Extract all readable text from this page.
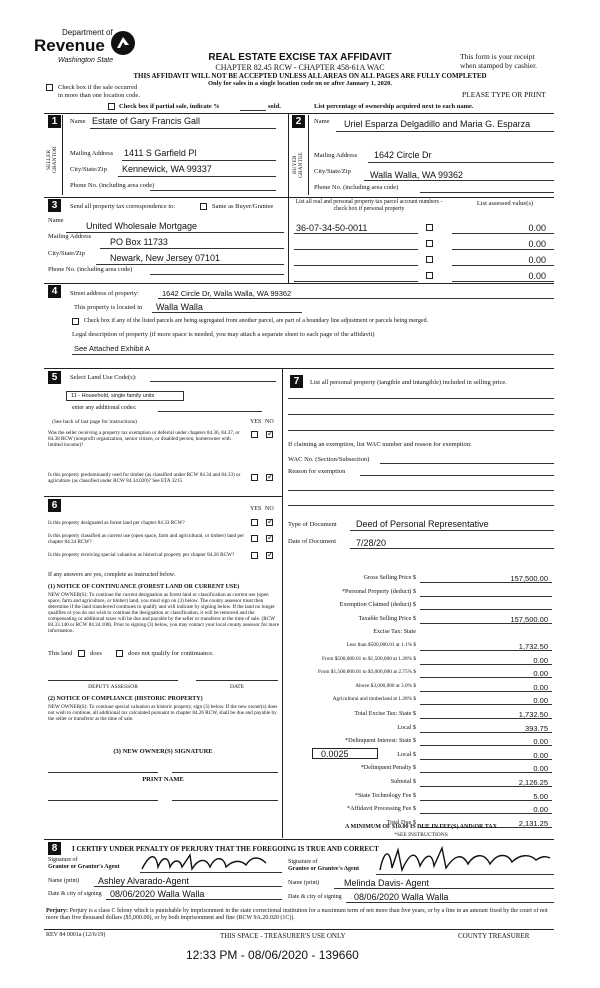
Department of
Revenue
Washington State	REAL ESTATE EXCISE TAX AFFIDAVIT
CHAPTER 82.45 RCW - CHAPTER 458-61A WAC
THIS AFFIDAVIT WILL NOT BE ACCEPTED UNLESS ALL AREAS ON ALL PAGES ARE FULLY COMPLETED
Only for sales in a single location code on or after January 1, 2020.
This form is your receipt
when stamped by cashier.
PLEASE TYPE OR PRINT
Check box if the sale occurred
in more than one location code.
Check box if partial sale, indicate %	sold.	List percentage of ownership acquired next to each name.
1	Name Estate of Gary Francis Gall
SELLER GRANTOR	Mailing Address 1411 S Garfield Pl
City/State/Zip Kennewick, WA 99337
Phone No. (including area code)
2	Name Uriel Esparza Delgadillo and Maria G. Esparza
BUYER GRANTEE	Mailing Address 1642 Circle Dr
City/State/Zip Walla Walla, WA 99362
Phone No. (including area code)
3	Send all property tax correspondence to:	Same as Buyer/Grantee
List all real and personal property tax parcel account numbers - check box if personal property
List assessed value(s)
Name
United Wholesale Mortgage
Mailing Address
PO Box 11733
City/State/Zip	Newark, New Jersey 07101
Phone No. (including area code)
36-07-34-50-0011	0.00
0.00
0.00
0.00
4	Street address of property:	1642 Circle Dr, Walla Walla, WA 99362
This property is located in Walla Walla
Check box if any of the listed parcels are being segregated from another parcel, are part of a boundary line adjustment or parcels being merged.
Legal description of property (if more space is needed, you may attach a separate sheet to each page of the affidavit)
See Attached Exhibit A
5	Select Land Use Code(s):
11 - Household, single family units
enter any additional codes:
(See back of last page for instructions)	YES NO
Was the seller receiving a property tax exemption or deferral under chapters 84.36, 84.37, or 84.38 RCW (nonprofit organization, senior citizen, or disabled person, homeowner with limited income)?
✓
Is this property predominantly used for timber (as classified under RCW 84.34 and 84.33) or agriculture (as classified under RCW 84.34.020)? See ETA 3215
✓
6	YES NO
Is this property designated as forest land per chapter 84.33 RCW?
✓
Is this property classified as current use (open space, farm and agricultural, or timber) land per chapter 84.34 RCW?
✓
Is this property receiving special valuation as historical property per chapter 84.26 RCW?
✓
If any answers are yes, complete as instructed below.
(1) NOTICE OF CONTINUANCE (FOREST LAND OR CURRENT USE)
NEW OWNER(S): To continue the current designation as forest land or classification as current use (open space, farm and agriculture, or timber) land, you must sign on (3) below. The county assessor must then determine if the land transferred continues to qualify and will indicate by signing below. If the land no longer qualifies or you do not wish to continue the designation or classification, it will be removed and the compensating or additional taxes will be due and payable by the seller or transferor at the time of sale. (RCW 84.33.140 or RCW 84.34.108). Prior to signing (3) below, you may contact your local county assessor for more information.
This land	does	does not qualify for continuance.
DEPUTY ASSESSOR	DATE
(2) NOTICE OF COMPLIANCE (HISTORIC PROPERTY)
NEW OWNER(S): To continue special valuation as historic property, sign (3) below. If the new owner(s) does not wish to continue, all additional tax calculated pursuant to chapter 84.26 RCW, shall be due and payable by the seller or transferor at the time of sale.
(3) NEW OWNER(S) SIGNATURE
PRINT NAME
7	List all personal property (tangible and intangible) included in selling price.
If claiming an exemption, list WAC number and reason for exemption:
WAC No. (Section/Subsection)
Reason for exemption
Type of Document Deed of Personal Representative
Date of Document 7/28/20
Gross Selling Price $	157,500.00
*Personal Property (deduct) $
Exemption Claimed (deduct) $
Taxable Selling Price $	157,500.00
Excise Tax: State
Less than $500,000.01 at 1.1% $	1,732.50
From $500,000.01 to $1,500,000 at 1.28% $	0.00
From $1,500,000.01 to $3,000,000 at 2.75% $	0.00
Above $3,000,000 at 3.0% $	0.00
Agricultural and timberland at 1.28% $	0.00
Total Excise Tax: State $	1,732.50
Local $	393.75
*Delinquent Interest: State $	0.00
Local $	0.00
*Delinquent Penalty $	0.00
Subtotal $	2,126.25
*State Technology Fee $	5.00
*Affidavit Processing Fee $	0.00
Total Due $	2,131.25
0.0025
A MINIMUM OF $10.00 IS DUE IN FEE(S) AND/OR TAX
*SEE INSTRUCTIONS
8	I CERTIFY UNDER PENALTY OF PERJURY THAT THE FOREGOING IS TRUE AND CORRECT
Signature of
Grantor or Grantor's Agent
Name (print) Ashley Alvarado-Agent
Date & city of signing 08/06/2020 Walla Walla
Signature of
Grantee or Grantee's Agent
Name (print)	Melinda Davis- Agent
Date & city of signing 08/06/2020 Walla Walla
Perjury: Perjury is a class C felony which is punishable by imprisonment in the state correctional institution for a maximum term of not more than five years, or by a fine in an amount fixed by the court of not more than five thousand dollars ($5,000.00), or by both imprisonment and fine (RCW 9A.20.020 (1C)).
REV 84 0001a (12/6/19)	THIS SPACE - TREASURER'S USE ONLY	COUNTY TREASURER
12:33 PM - 08/06/2020 - 139660
